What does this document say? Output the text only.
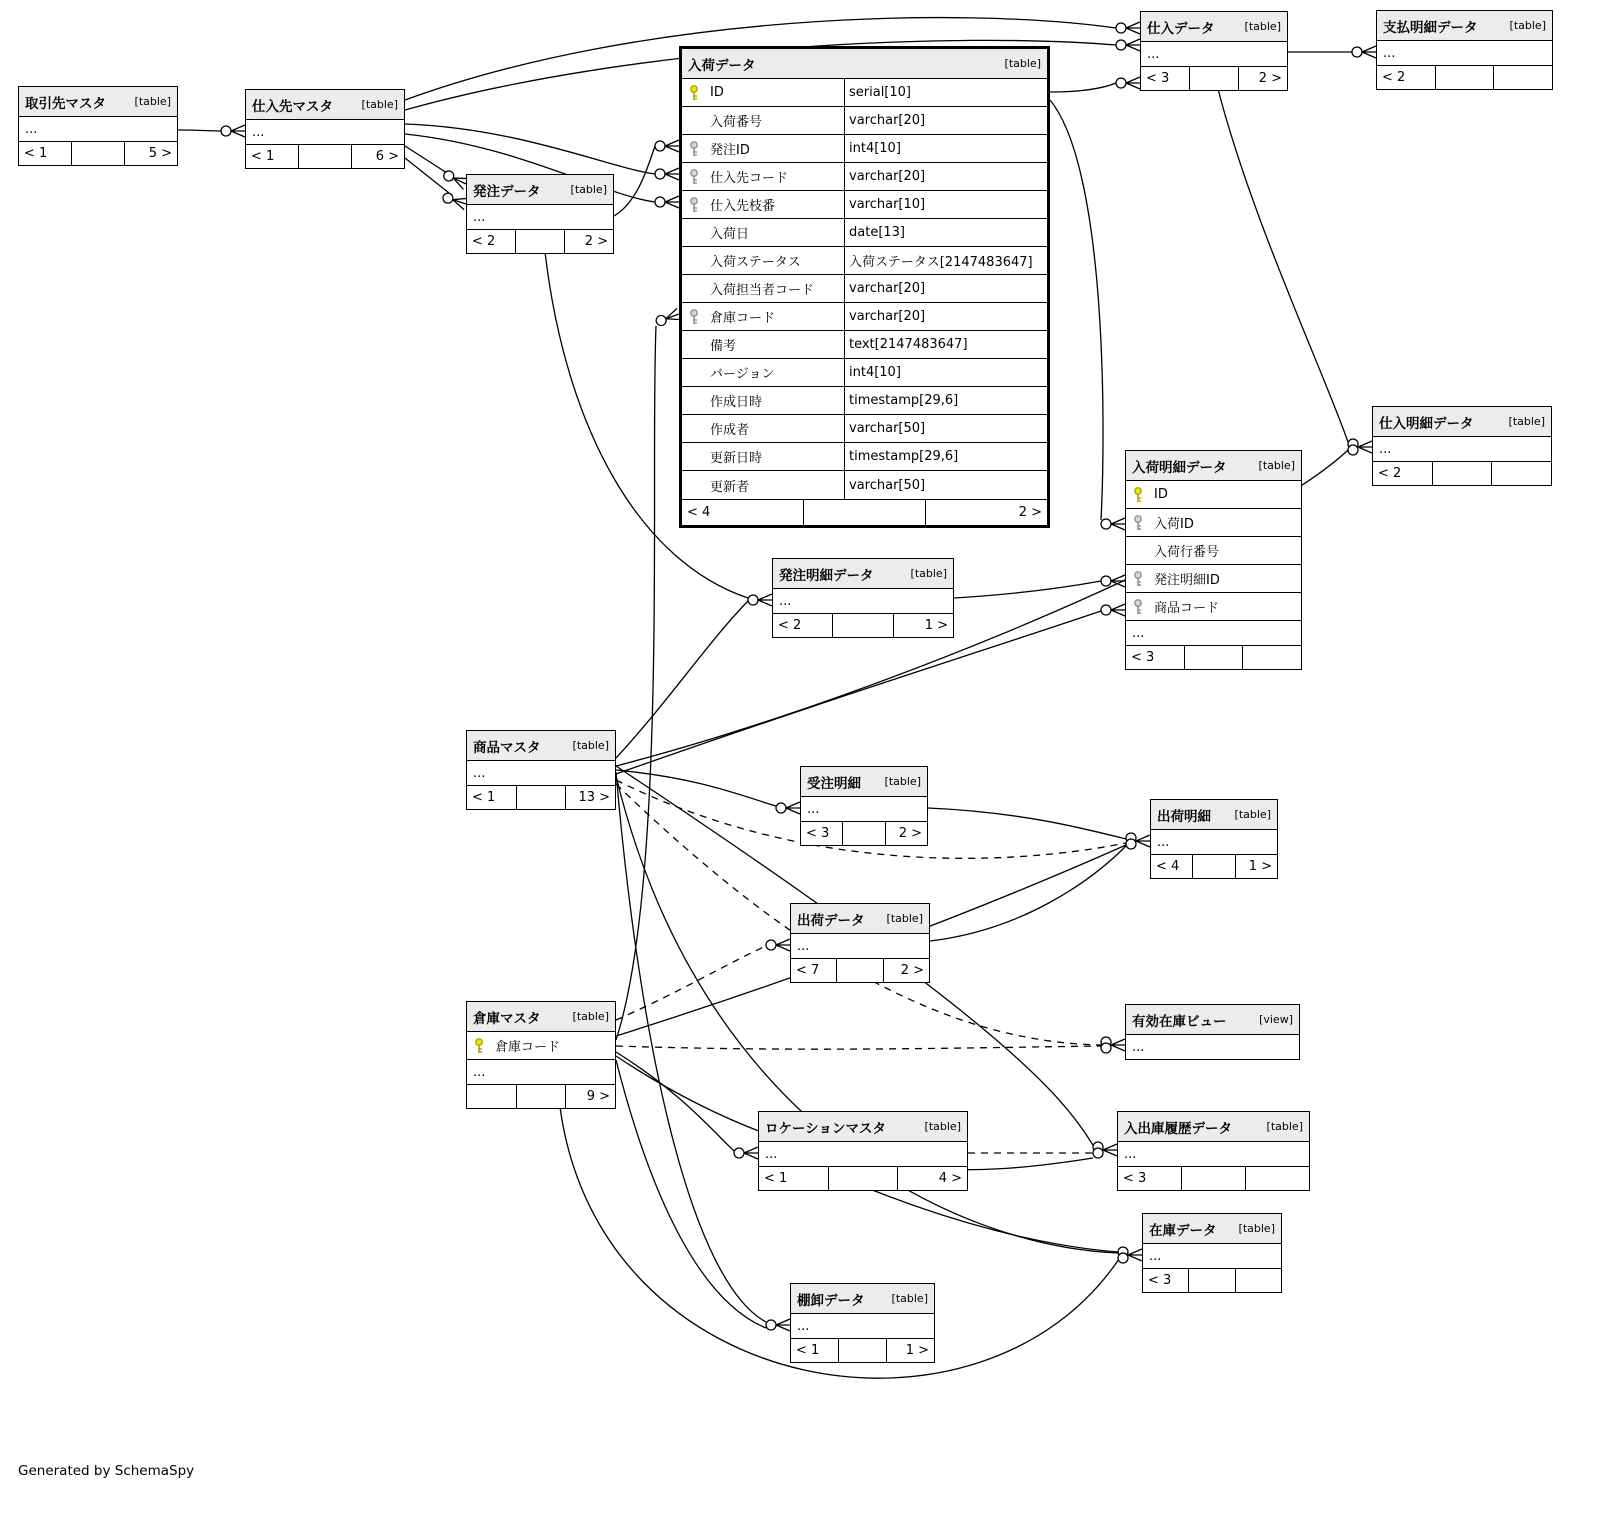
取引先マスタ	[table]
...
< 1	5 >
仕入先マスタ	[table]
...
< 1	6 >
発注データ	[table]
...
< 2	2 >
入荷データ	[table]
ID	serial[10]
入荷番号	varchar[20]
発注ID	int4[10]
仕入先コード	varchar[20]
仕入先枝番	varchar[10]
入荷日	date[13]
入荷ステータス	入荷ステータス[2147483647]
入荷担当者コード	varchar[20]
倉庫コード	varchar[20]
備考	text[2147483647]
バージョン	int4[10]
作成日時	timestamp[29,6]
作成者	varchar[50]
更新日時	timestamp[29,6]
更新者	varchar[50]
< 4	2 >
仕入データ	[table]
...
< 3	2 >
支払明細データ	[table]
...
< 2
仕入明細データ	[table]
...
< 2
入荷明細データ	[table]
ID
入荷ID
入荷行番号
発注明細ID
商品コード
...
< 3
発注明細データ	[table]
...
< 2	1 >
商品マスタ	[table]
...
< 1	13 >
受注明細 [table]
...
< 3	2 >
出荷明細 [table]
...
< 4	1 >
出荷データ [table]
...
< 7	2 >
倉庫マスタ	[table]
倉庫コード
...
9 >
有効在庫ビュー	[view]
...
ロケーションマスタ	[table]
...
< 1	4 >
入出庫履歴データ	[table]
...
< 3
在庫データ [table]
...
< 3
棚卸データ [table]
...
< 1	1 >
Generated by SchemaSpy
